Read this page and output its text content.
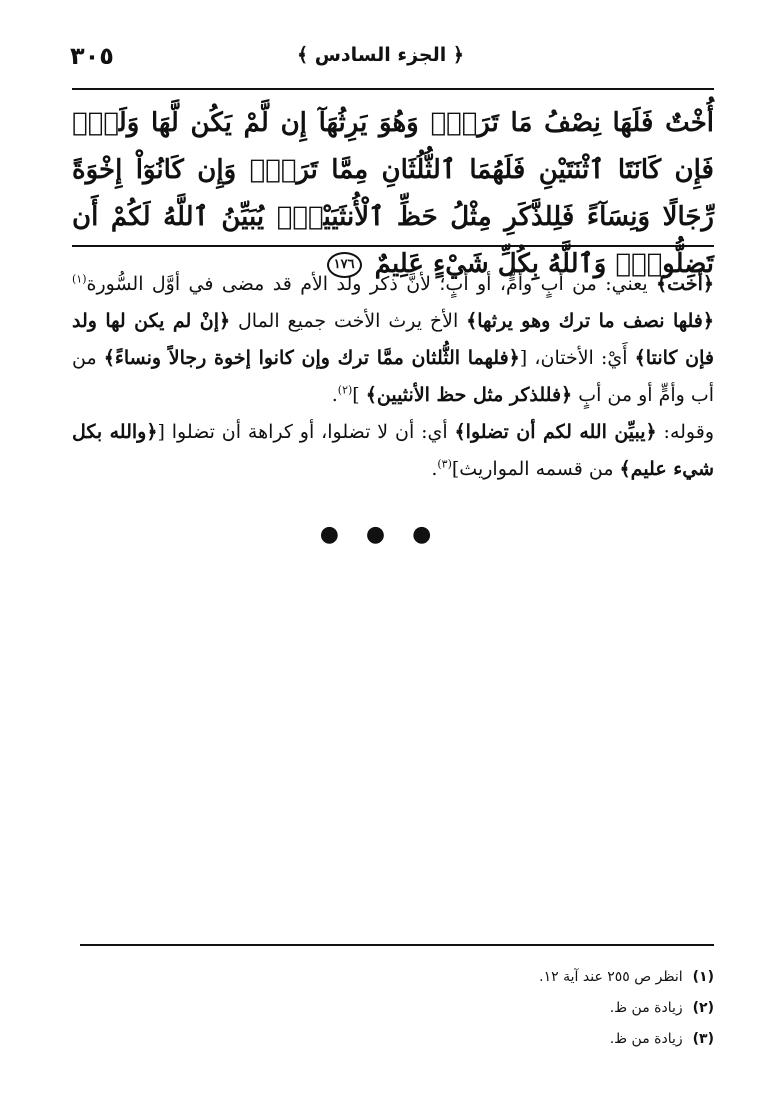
﴿ الجزء السادس ﴾
٣٠٥
أُخْتٌ فَلَهَا نِصْفُ مَا تَرَكَۚ وَهُوَ يَرِثُهَآ إِن لَّمْ يَكُن لَّهَا وَلَدٌۚ فَإِن كَانَتَا ٱثْنَتَيْنِ فَلَهُمَا ٱلثُّلُثَانِ مِمَّا تَرَكَۚ وَإِن كَانُوٓاْ إِخْوَةً رِّجَالًا وَنِسَآءً فَلِلذَّكَرِ مِثْلُ حَظِّ ٱلْأُنثَيَيْنِۗ يُبَيِّنُ ٱللَّهُ لَكُمْ أَن تَضِلُّواْۗ وَٱللَّهُ بِكُلِّ شَيْءٍ عَلِيمٌ ١٧٦

﴿أخت﴾ يعني: من أبٍ وأمٍّ، أو أبٍ؛ لأنَّ ذكر ولد الأم قد مضى في أوَّل السُّورة$^{(١)}$ ﴿فلها نصف ما ترك وهو يرثها﴾ الأخ يرث الأخت جميع المال ﴿إنْ لم يكن لها ولد فإن كانتا﴾ أَيْ: الأختان، [﴿فلهما الثُّلثان ممَّا ترك وإن كانوا إخوة رجالاً ونساءً﴾ من أب وأمٍّ أو من أبٍ ﴿فللذكر مثل حظ الأنثيين﴾ ]$^{(٢)}$.

وقوله: ﴿يبيِّن الله لكم أن تضلوا﴾ أي: أن لا تضلوا، أو كراهة أن تضلوا [﴿والله بكل شيء عليم﴾ من قسمه المواريث]$^{(٣)}$.

● ● ●
(١)
انظر ص ٢٥٥ عند آية ١٢.
(٢)
زيادة من ظ.
(٣)
زيادة من ظ.
